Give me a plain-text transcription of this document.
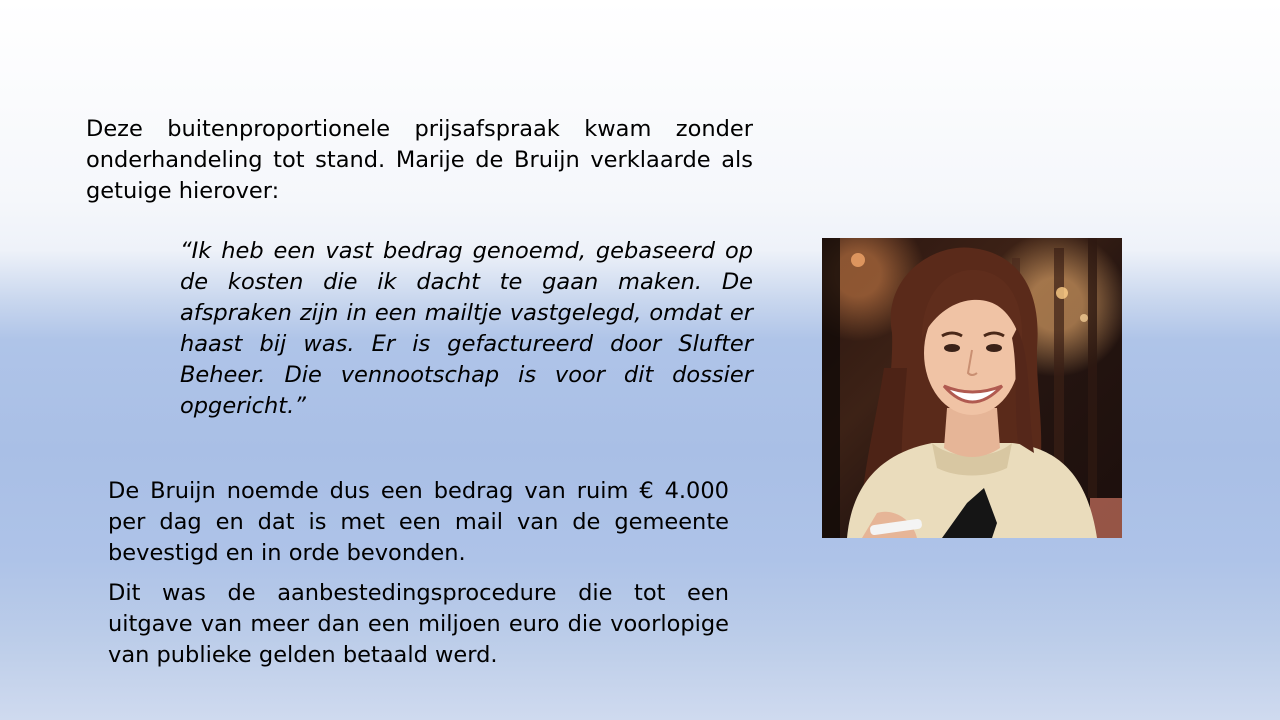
Deze buitenproportionele prijsafspraak kwam zonder onderhandeling tot stand. Marije de Bruijn verklaarde als getuige hierover:

“Ik heb een vast bedrag genoemd, gebaseerd op de kosten die ik dacht te gaan maken. De afspraken zijn in een mailtje vastgelegd, omdat er haast bij was. Er is gefactureerd door Slufter Beheer. Die vennootschap is voor dit dossier opgericht.”

De Bruijn noemde dus een bedrag van ruim € 4.000 per dag en dat is met een mail van de gemeente bevestigd en in orde bevonden.

Dit was de aanbestedingsprocedure die tot een uitgave van meer dan een miljoen euro die voorlopige van publieke gelden betaald werd.
